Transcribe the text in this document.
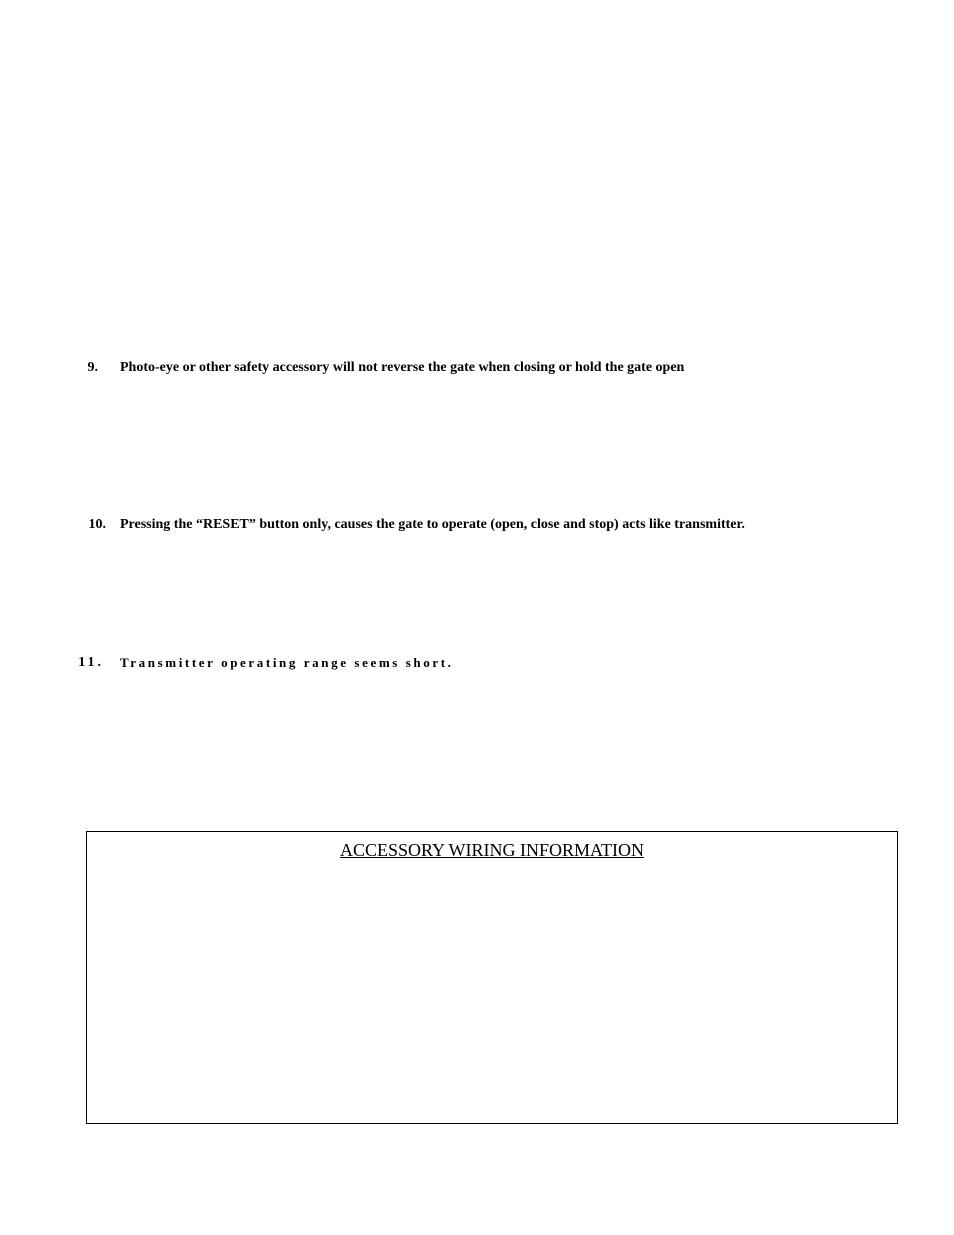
9. Photo-eye or other safety accessory will not reverse the gate when closing or hold the gate open
10. Pressing the “RESET” button only, causes the gate to operate (open, close and stop) acts like transmitter.
11. Transmitter operating range seems short.
ACCESSORY WIRING INFORMATION
